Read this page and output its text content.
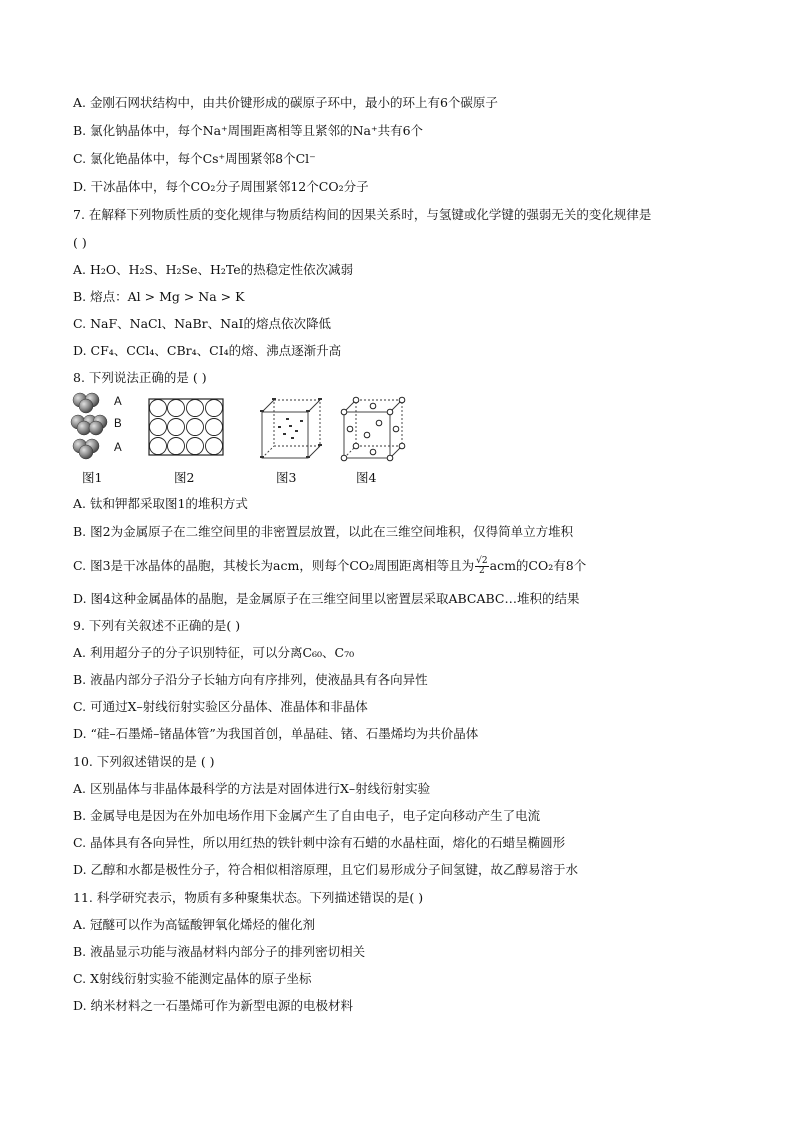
A. 金刚石网状结构中，由共价键形成的碳原子环中，最小的环上有6个碳原子
B. 氯化钠晶体中，每个Na⁺周围距离相等且紧邻的Na⁺共有6个
C. 氯化铯晶体中，每个Cs⁺周围紧邻8个Cl⁻
D. 干冰晶体中，每个CO₂分子周围紧邻12个CO₂分子
7. 在解释下列物质性质的变化规律与物质结构间的因果关系时，与氢键或化学键的强弱无关的变化规律是
( )
A. H₂O、H₂S、H₂Se、H₂Te的热稳定性依次减弱
B. 熔点：Al > Mg > Na > K
C. NaF、NaCl、NaBr、NaI的熔点依次降低
D. CF₄、CCl₄、CBr₄、CI₄的熔、沸点逐渐升高
8. 下列说法正确的是 ( )
A
B
A
图1	图2	图3	图4
A. 钛和钾都采取图1的堆积方式
B. 图2为金属原子在二维空间里的非密置层放置，以此在三维空间堆积，仅得简单立方堆积
C. 图3是干冰晶体的晶胞，其棱长为acm，则每个CO₂周围距离相等且为 $\frac{√2}{2}$ acm的CO₂有8个
D. 图4这种金属晶体的晶胞，是金属原子在三维空间里以密置层采取ABCABC…堆积的结果
9. 下列有关叙述不正确的是( )
A. 利用超分子的分子识别特征，可以分离C₆₀、C₇₀
B. 液晶内部分子沿分子长轴方向有序排列，使液晶具有各向异性
C. 可通过X–射线衍射实验区分晶体、准晶体和非晶体
D. “硅–石墨烯–锗晶体管”为我国首创，单晶硅、锗、石墨烯均为共价晶体
10. 下列叙述错误的是 ( )
A. 区别晶体与非晶体最科学的方法是对固体进行X–射线衍射实验
B. 金属导电是因为在外加电场作用下金属产生了自由电子，电子定向移动产生了电流
C. 晶体具有各向异性，所以用红热的铁针刺中涂有石蜡的水晶柱面，熔化的石蜡呈椭圆形
D. 乙醇和水都是极性分子，符合相似相溶原理，且它们易形成分子间氢键，故乙醇易溶于水
11. 科学研究表示，物质有多种聚集状态。下列描述错误的是( )
A. 冠醚可以作为高锰酸钾氧化烯烃的催化剂
B. 液晶显示功能与液晶材料内部分子的排列密切相关
C. X射线衍射实验不能测定晶体的原子坐标
D. 纳米材料之一石墨烯可作为新型电源的电极材料
